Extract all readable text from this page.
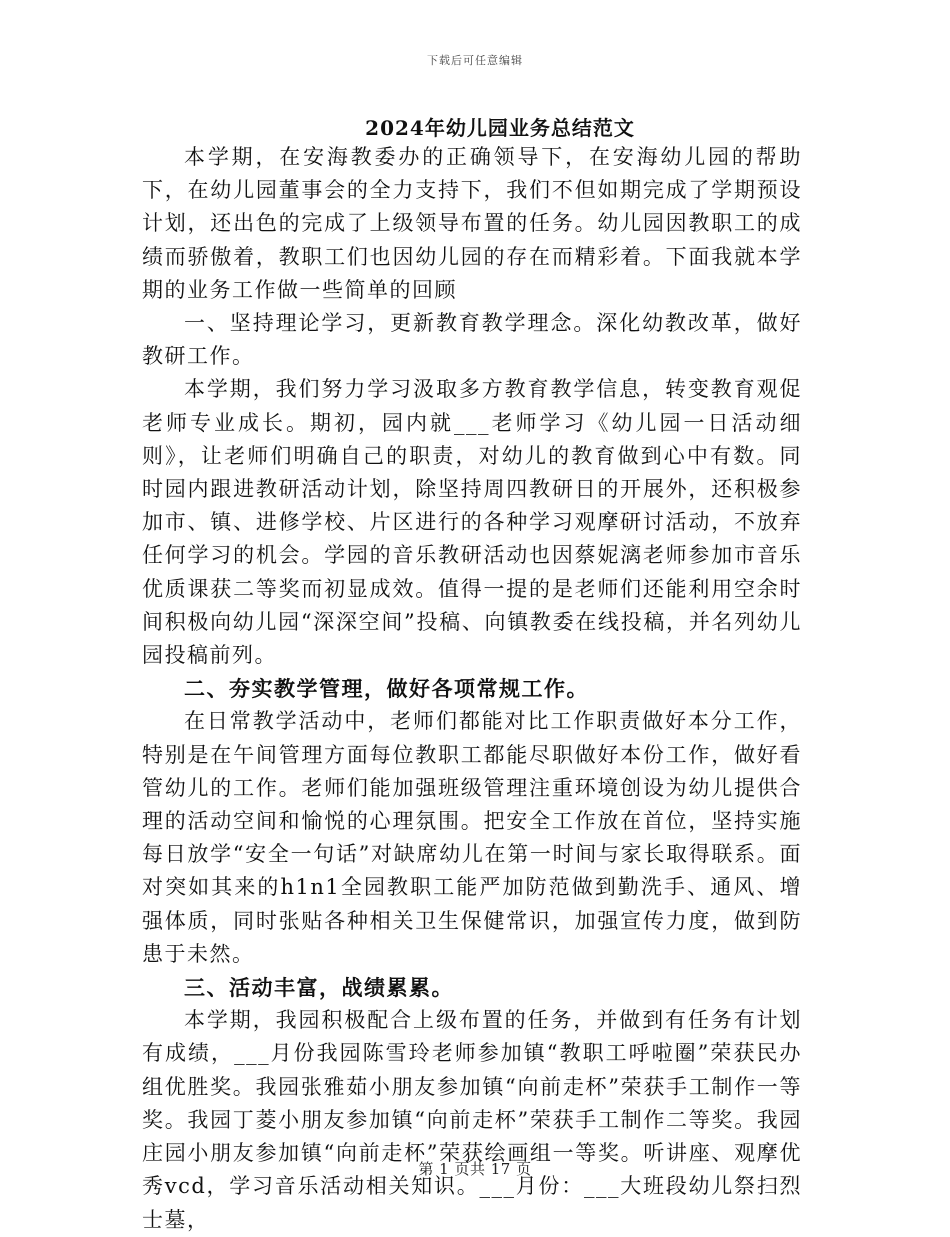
下载后可任意编辑
2024年幼儿园业务总结范文

本学期，在安海教委办的正确领导下，在安海幼儿园的帮助下，在幼儿园董事会的全力支持下，我们不但如期完成了学期预设计划，还出色的完成了上级领导布置的任务。幼儿园因教职工的成绩而骄傲着，教职工们也因幼儿园的存在而精彩着。下面我就本学期的业务工作做一些简单的回顾

一、坚持理论学习，更新教育教学理念。深化幼教改革，做好教研工作。

本学期，我们努力学习汲取多方教育教学信息，转变教育观促老师专业成长。期初，园内就___老师学习《幼儿园一日活动细则》，让老师们明确自己的职责，对幼儿的教育做到心中有数。同时园内跟进教研活动计划，除坚持周四教研日的开展外，还积极参加市、镇、进修学校、片区进行的各种学习观摩研讨活动，不放弃任何学习的机会。学园的音乐教研活动也因蔡妮漓老师参加市音乐优质课获二等奖而初显成效。值得一提的是老师们还能利用空余时间积极向幼儿园“深深空间”投稿、向镇教委在线投稿，并名列幼儿园投稿前列。

二、夯实教学管理，做好各项常规工作。

在日常教学活动中，老师们都能对比工作职责做好本分工作，特别是在午间管理方面每位教职工都能尽职做好本份工作，做好看管幼儿的工作。老师们能加强班级管理注重环境创设为幼儿提供合理的活动空间和愉悦的心理氛围。把安全工作放在首位，坚持实施每日放学“安全一句话”对缺席幼儿在第一时间与家长取得联系。面对突如其来的h1n1全园教职工能严加防范做到勤洗手、通风、增强体质，同时张贴各种相关卫生保健常识，加强宣传力度，做到防患于未然。

三、活动丰富，战绩累累。

本学期，我园积极配合上级布置的任务，并做到有任务有计划有成绩，___月份我园陈雪玲老师参加镇“教职工呼啦圈”荣获民办组优胜奖。我园张雅茹小朋友参加镇“向前走杯”荣获手工制作一等奖。我园丁菱小朋友参加镇“向前走杯”荣获手工制作二等奖。我园庄园小朋友参加镇“向前走杯”荣获绘画组一等奖。听讲座、观摩优秀vcd，学习音乐活动相关知识。___月份：___大班段幼儿祭扫烈士墓，

第 1 页共 17 页
